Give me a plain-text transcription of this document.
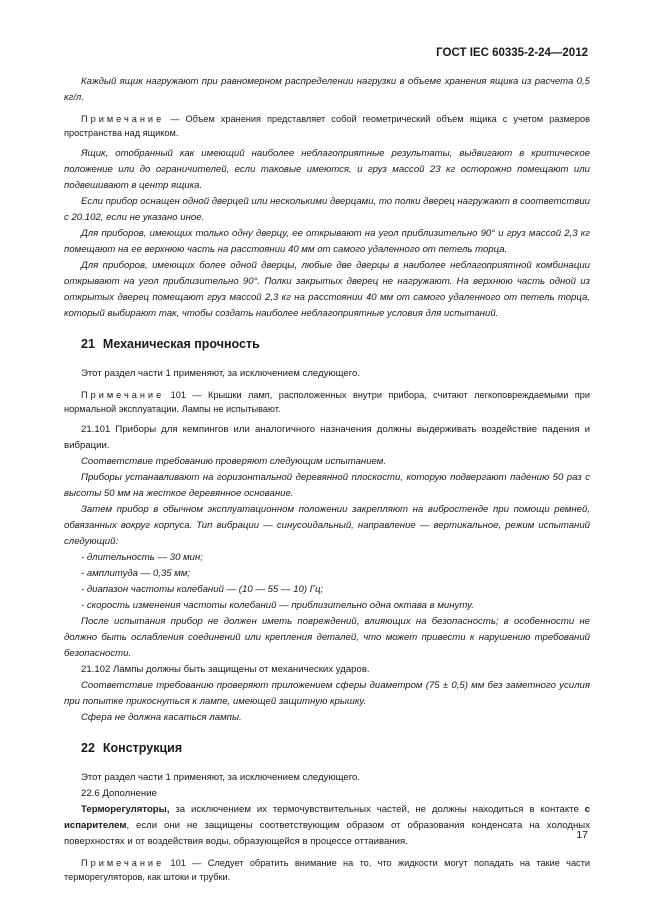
ГОСТ IEC 60335-2-24—2012

Каждый ящик нагружают при равномерном распределении нагрузки в объеме хранения ящика из расчета 0,5 кг/л.

Примечание — Объем хранения представляет собой геометрический объем ящика с учетом размеров пространства над ящиком.

Ящик, отобранный как имеющий наиболее неблагоприятные результаты, выдвигают в критическое положение или до ограничителей, если таковые имеются, и груз массой 23 кг осторожно помещают или подвешивают в центр ящика.

Если прибор оснащен одной дверцей или несколькими дверцами, то полки дверец нагружают в соответствии с 20.102, если не указано иное.

Для приборов, имеющих только одну дверцу, ее открывают на угол приблизительно 90° и груз массой 2,3 кг помещают на ее верхнюю часть на расстоянии 40 мм от самого удаленного от петель торца.

Для приборов, имеющих более одной дверцы, любые две дверцы в наиболее неблагоприятной комбинации открывают на угол приблизительно 90°. Полки закрытых дверец не нагружают. На верхнюю часть одной из открытых дверец помещают груз массой 2,3 кг на расстоянии 40 мм от самого удаленного от петель торца, который выбирают так, чтобы создать наиболее неблагоприятные условия для испытаний.

21 Механическая прочность

Этот раздел части 1 применяют, за исключением следующего.

Примечание 101 — Крышки ламп, расположенных внутри прибора, считают легкоповреждаемыми при нормальной эксплуатации. Лампы не испытывают.

21.101 Приборы для кемпингов или аналогичного назначения должны выдерживать воздействие падения и вибрации.

Соответствие требованию проверяют следующим испытанием.

Приборы устанавливают на горизонтальной деревянной плоскости, которую подвергают падению 50 раз с высоты 50 мм на жесткое деревянное основание.

Затем прибор в обычном эксплуатационном положении закрепляют на вибростенде при помощи ремней, обвязанных вокруг корпуса. Тип вибрации — синусоидальный, направление — вертикальное, режим испытаний следующий:

- длительность — 30 мин;

- амплитуда — 0,35 мм;

- диапазон частоты колебаний — (10 — 55 — 10) Гц;

- скорость изменения частоты колебаний — приблизительно одна октава в минуту.

После испытания прибор не должен иметь повреждений, влияющих на безопасность; в особенности не должно быть ослабления соединений или крепления деталей, что может привести к нарушению требований безопасности.

21.102 Лампы должны быть защищены от механических ударов.

Соответствие требованию проверяют приложением сферы диаметром (75 ± 0,5) мм без заметного усилия при попытке прикоснуться к лампе, имеющей защитную крышку.

Сфера не должна касаться лампы.

22 Конструкция

Этот раздел части 1 применяют, за исключением следующего.

22.6 Дополнение

Терморегуляторы, за исключением их термочувствительных частей, не должны находиться в контакте с испарителем, если они не защищены соответствующим образом от образования конденсата на холодных поверхностях и от воздействия воды, образующейся в процессе оттаивания.

Примечание 101 — Следует обратить внимание на то, что жидкости могут попадать на такие части терморегуляторов, как штоки и трубки.

17
